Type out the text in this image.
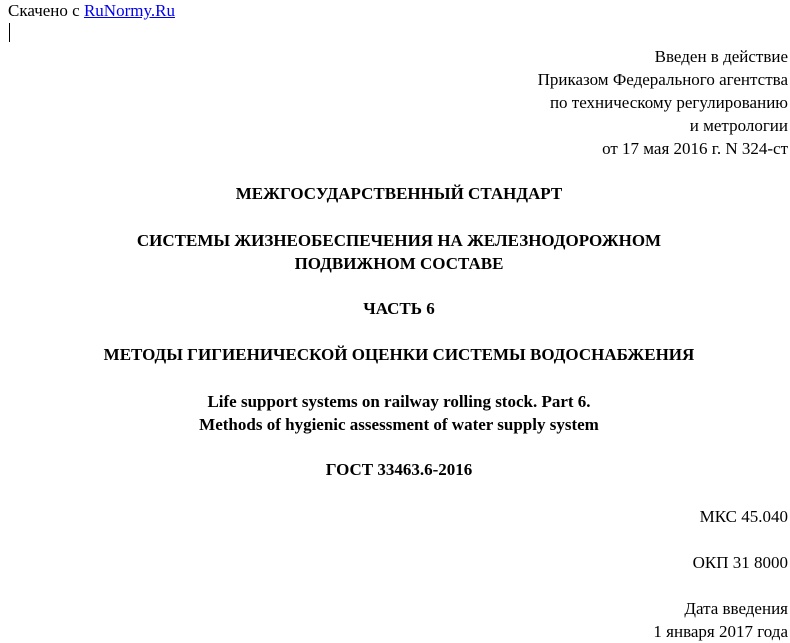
Скачено с RuNormy.Ru
Введен в действие
Приказом Федерального агентства
по техническому регулированию
и метрологии
от 17 мая 2016 г. N 324-ст
МЕЖГОСУДАРСТВЕННЫЙ СТАНДАРТ
СИСТЕМЫ ЖИЗНЕОБЕСПЕЧЕНИЯ НА ЖЕЛЕЗНОДОРОЖНОМ
ПОДВИЖНОМ СОСТАВЕ
ЧАСТЬ 6
МЕТОДЫ ГИГИЕНИЧЕСКОЙ ОЦЕНКИ СИСТЕМЫ ВОДОСНАБЖЕНИЯ
Life support systems on railway rolling stock. Part 6.
Methods of hygienic assessment of water supply system
ГОСТ 33463.6-2016
МКС 45.040
ОКП 31 8000
Дата введения
1 января 2017 года
